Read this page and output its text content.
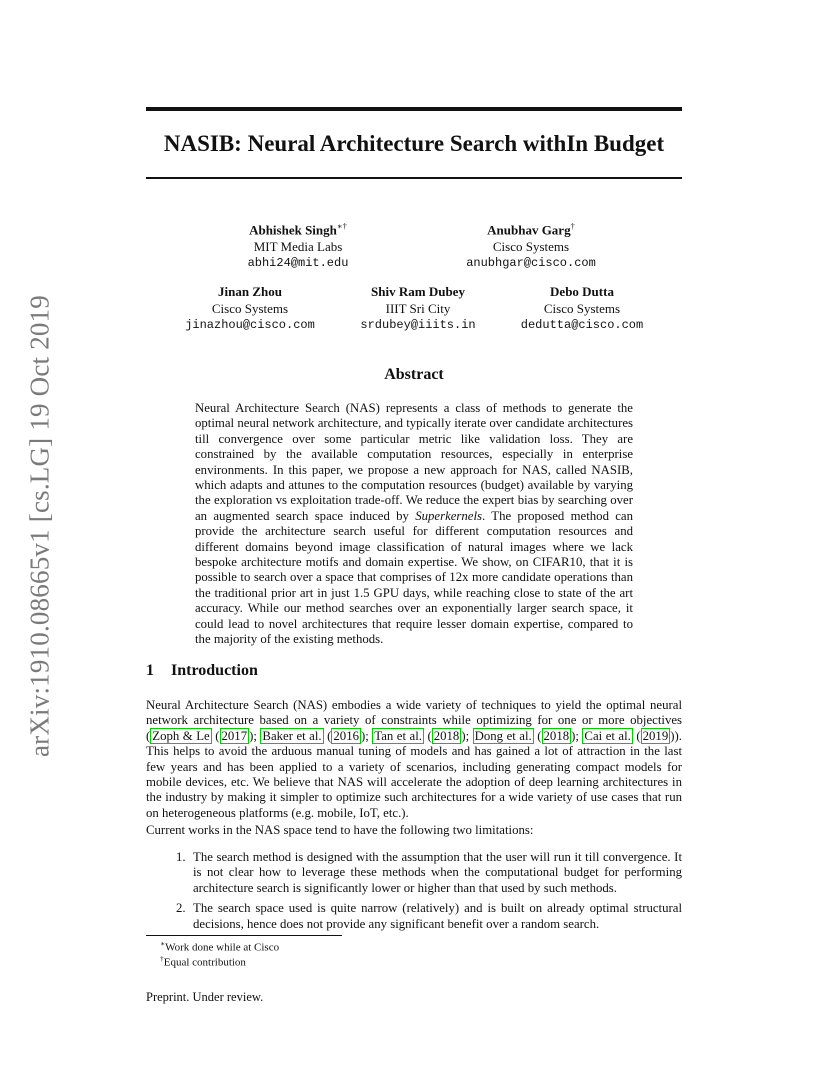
arXiv:1910.08665v1 [cs.LG] 19 Oct 2019
NASIB: Neural Architecture Search withIn Budget
Abhishek Singh∗†
MIT Media Labs
abhi24@mit.edu
Anubhav Garg†
Cisco Systems
anubhgar@cisco.com
Jinan Zhou
Cisco Systems
jinazhou@cisco.com
Shiv Ram Dubey
IIIT Sri City
srdubey@iiits.in
Debo Dutta
Cisco Systems
dedutta@cisco.com
Abstract
Neural Architecture Search (NAS) represents a class of methods to generate the optimal neural network architecture, and typically iterate over candidate architectures till convergence over some particular metric like validation loss. They are constrained by the available computation resources, especially in enterprise environments. In this paper, we propose a new approach for NAS, called NASIB, which adapts and attunes to the computation resources (budget) available by varying the exploration vs exploitation trade-off. We reduce the expert bias by searching over an augmented search space induced by Superkernels. The proposed method can provide the architecture search useful for different computation resources and different domains beyond image classification of natural images where we lack bespoke architecture motifs and domain expertise. We show, on CIFAR10, that it is possible to search over a space that comprises of 12x more candidate operations than the traditional prior art in just 1.5 GPU days, while reaching close to state of the art accuracy. While our method searches over an exponentially larger search space, it could lead to novel architectures that require lesser domain expertise, compared to the majority of the existing methods.
1 Introduction
Neural Architecture Search (NAS) embodies a wide variety of techniques to yield the optimal neural network architecture based on a variety of constraints while optimizing for one or more objectives ( Zoph & Le ( 2017 ); Baker et al. ( 2016 ); Tan et al. ( 2018 ); Dong et al. ( 2018 ); Cai et al. ( 2019 )). This helps to avoid the arduous manual tuning of models and has gained a lot of attraction in the last few years and has been applied to a variety of scenarios, including generating compact models for mobile devices, etc. We believe that NAS will accelerate the adoption of deep learning architectures in the industry by making it simpler to optimize such architectures for a wide variety of use cases that run on heterogeneous platforms (e.g. mobile, IoT, etc.).
Current works in the NAS space tend to have the following two limitations:
1. The search method is designed with the assumption that the user will run it till convergence. It is not clear how to leverage these methods when the computational budget for performing architecture search is significantly lower or higher than that used by such methods.
2. The search space used is quite narrow (relatively) and is built on already optimal structural decisions, hence does not provide any significant benefit over a random search.
∗Work done while at Cisco
†Equal contribution
Preprint. Under review.
